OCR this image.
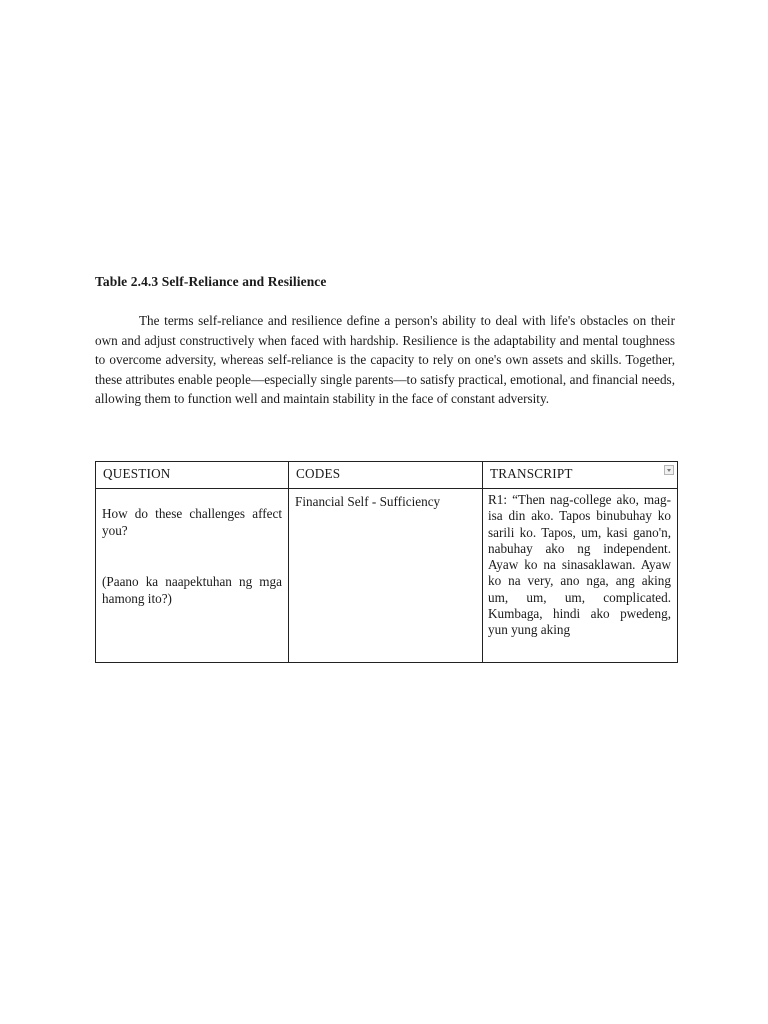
Table 2.4.3 Self-Reliance and Resilience

The terms self-reliance and resilience define a person's ability to deal with life's obstacles on their own and adjust constructively when faced with hardship. Resilience is the adaptability and mental toughness to overcome adversity, whereas self-reliance is the capacity to rely on one's own assets and skills. Together, these attributes enable people—especially single parents—to satisfy practical, emotional, and financial needs, allowing them to function well and maintain stability in the face of constant adversity.

QUESTION	CODES	TRANSCRIPT

How do these challenges affect you?

(Paano ka naapektuhan ng mga hamong ito?)	Financial Self - Sufficiency	R1: “Then nag-college ako, mag-isa din ako. Tapos binubuhay ko sarili ko. Tapos, um, kasi gano'n, nabuhay ako ng independent. Ayaw ko na sinasaklawan. Ayaw ko na very, ano nga, ang aking um, um, um, complicated. Kumbaga, hindi ako pwedeng, yun yung aking
